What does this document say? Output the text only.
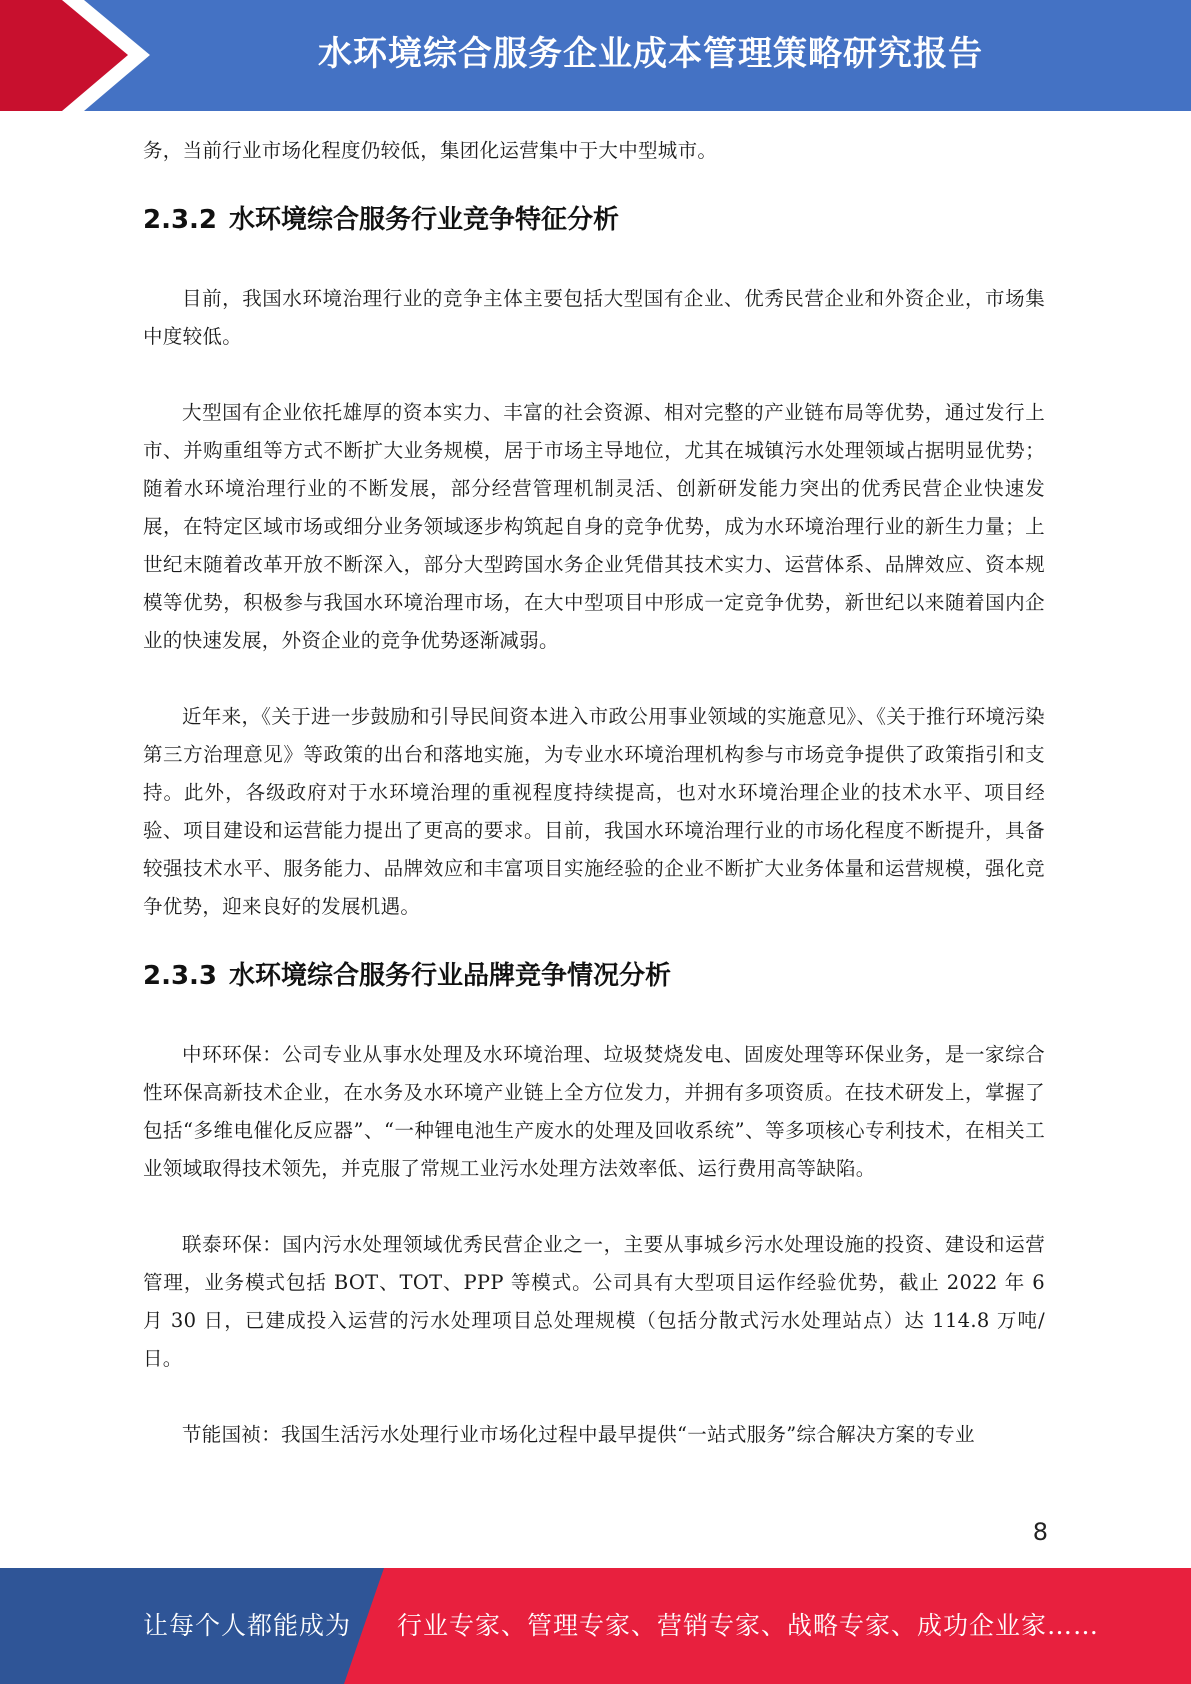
水环境综合服务企业成本管理策略研究报告

务，当前行业市场化程度仍较低，集团化运营集中于大中型城市。

2.3.2 水环境综合服务行业竞争特征分析

目前，我国水环境治理行业的竞争主体主要包括大型国有企业、优秀民营企业和外资企业，市场集中度较低。

大型国有企业依托雄厚的资本实力、丰富的社会资源、相对完整的产业链布局等优势，通过发行上市、并购重组等方式不断扩大业务规模，居于市场主导地位，尤其在城镇污水处理领域占据明显优势；随着水环境治理行业的不断发展，部分经营管理机制灵活、创新研发能力突出的优秀民营企业快速发展，在特定区域市场或细分业务领域逐步构筑起自身的竞争优势，成为水环境治理行业的新生力量；上世纪末随着改革开放不断深入，部分大型跨国水务企业凭借其技术实力、运营体系、品牌效应、资本规模等优势，积极参与我国水环境治理市场，在大中型项目中形成一定竞争优势，新世纪以来随着国内企业的快速发展，外资企业的竞争优势逐渐减弱。

近年来，《关于进一步鼓励和引导民间资本进入市政公用事业领域的实施意见》、《关于推行环境污染第三方治理意见》等政策的出台和落地实施，为专业水环境治理机构参与市场竞争提供了政策指引和支持。此外，各级政府对于水环境治理的重视程度持续提高，也对水环境治理企业的技术水平、项目经验、项目建设和运营能力提出了更高的要求。目前，我国水环境治理行业的市场化程度不断提升，具备较强技术水平、服务能力、品牌效应和丰富项目实施经验的企业不断扩大业务体量和运营规模，强化竞争优势，迎来良好的发展机遇。

2.3.3 水环境综合服务行业品牌竞争情况分析

中环环保：公司专业从事水处理及水环境治理、垃圾焚烧发电、固废处理等环保业务，是一家综合性环保高新技术企业，在水务及水环境产业链上全方位发力，并拥有多项资质。在技术研发上，掌握了包括“多维电催化反应器”、“一种锂电池生产废水的处理及回收系统”、等多项核心专利技术，在相关工业领域取得技术领先，并克服了常规工业污水处理方法效率低、运行费用高等缺陷。

联泰环保：国内污水处理领域优秀民营企业之一，主要从事城乡污水处理设施的投资、建设和运营管理，业务模式包括 BOT、TOT、PPP 等模式。公司具有大型项目运作经验优势，截止 2022 年 6 月 30 日，已建成投入运营的污水处理项目总处理规模（包括分散式污水处理站点）达 114.8 万吨/日。

节能国祯：我国生活污水处理行业市场化过程中最早提供“一站式服务”综合解决方案的专业

8
让每个人都能成为 行业专家、管理专家、营销专家、战略专家、成功企业家……
